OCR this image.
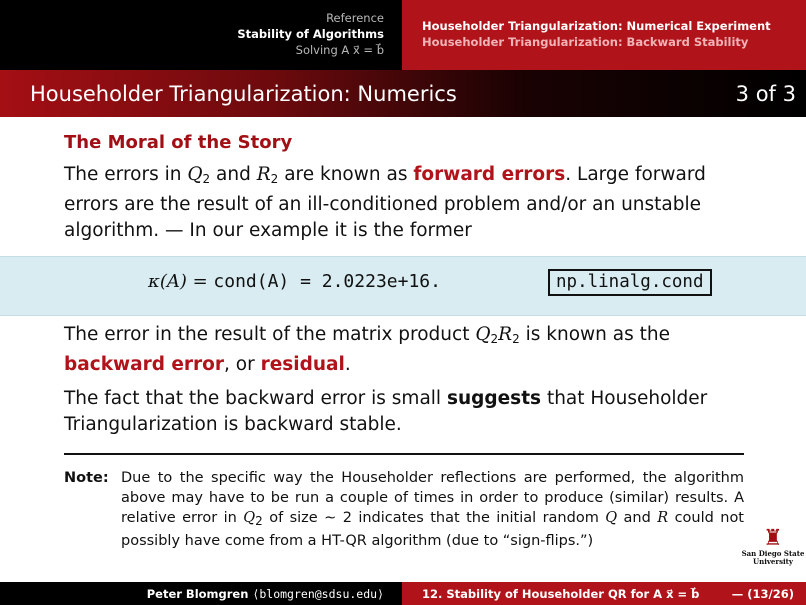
Reference
Stability of Algorithms
Solving A x⃗ = b⃗
Householder Triangularization: Numerical Experiment
Householder Triangularization: Backward Stability
Householder Triangularization: Numerics	3 of 3
The Moral of the Story
The errors in $Q_2$ and $R_2$ are known as forward errors. Large forward errors are the result of an ill-conditioned problem and/or an unstable algorithm. — In our example it is the former
κ(A) = cond(A) = 2.0223e+16.	np.linalg.cond
The error in the result of the matrix product $Q_2R_2$ is known as the backward error, or residual.
The fact that the backward error is small suggests that Householder Triangularization is backward stable.
Note: Due to the specific way the Householder reflections are performed, the algorithm above may have to be run a couple of times in order to produce (similar) results. A relative error in $Q_2$ of size ∼ 2 indicates that the initial random Q and R could not possibly have come from a HT-QR algorithm (due to “sign-flips.”)	♜
San Diego State
University
Peter Blomgren ⟨blomgren@sdsu.edu⟩	12. Stability of Householder QR for A x⃗ = b⃗	— (13/26)
